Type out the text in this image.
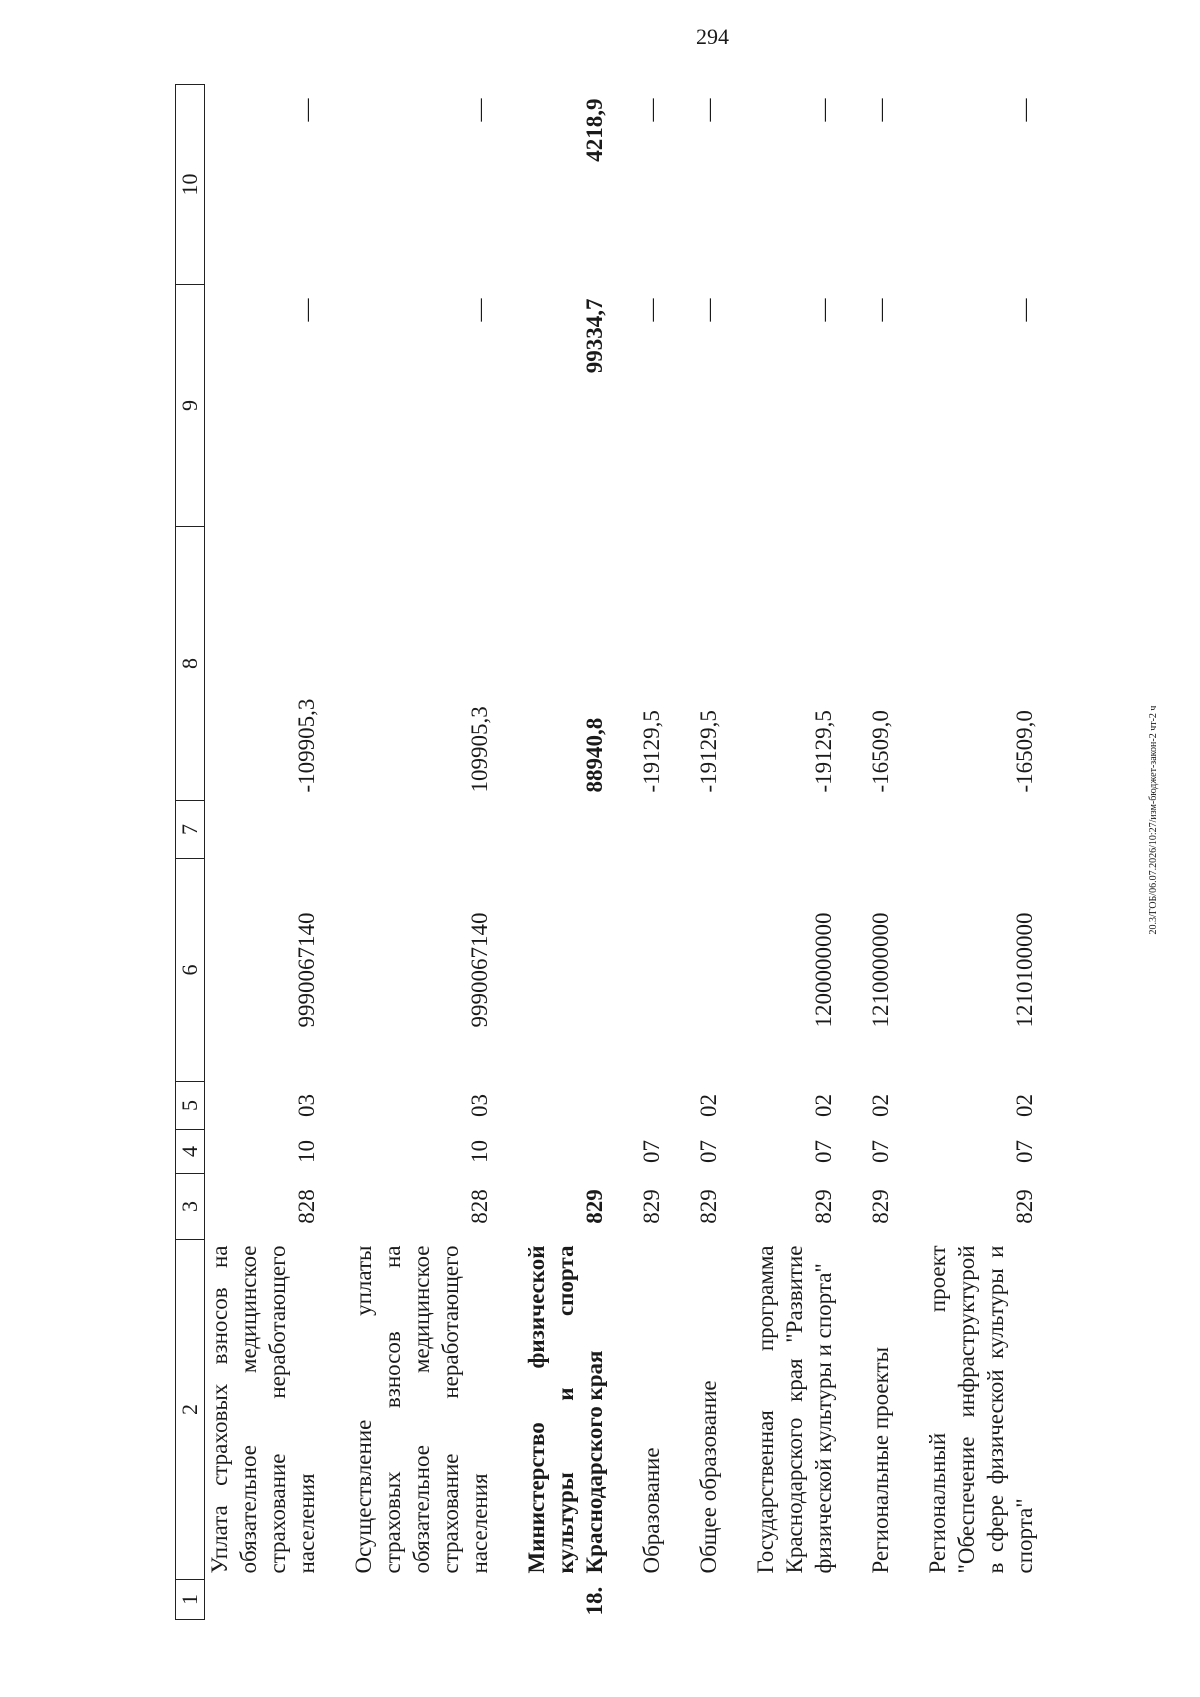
294
20.3/ГОБ/06.07.2026/10:27/изм-бюджет-закон-2 чт-2 ч
1	2	3	4	5	6	7	8	9	10
	Уплата страховых взносов на обязательное медицинское страхование неработающего населения	828	10	03	9990067140		-109905,3	—	—

	Осуществление уплаты страховых взносов на обязательное медицинское страхование неработающего населения	828	10	03	9990067140		109905,3	—	—

18.	Министерство физической культуры и спорта Краснодарского края	829					88940,8	99334,7	4218,9

	Образование	829	07				-19129,5	—	—

	Общее образование	829	07	02			-19129,5	—	—

	Государственная программа Краснодарского края "Развитие физической культуры и спорта"	829	07	02	1200000000		-19129,5	—	—

	Региональные проекты	829	07	02	1210000000		-16509,0	—	—

	Региональный проект "Обеспечение инфраструктурой в сфере физической культуры и спорта"	829	07	02	1210100000		-16509,0	—	—
